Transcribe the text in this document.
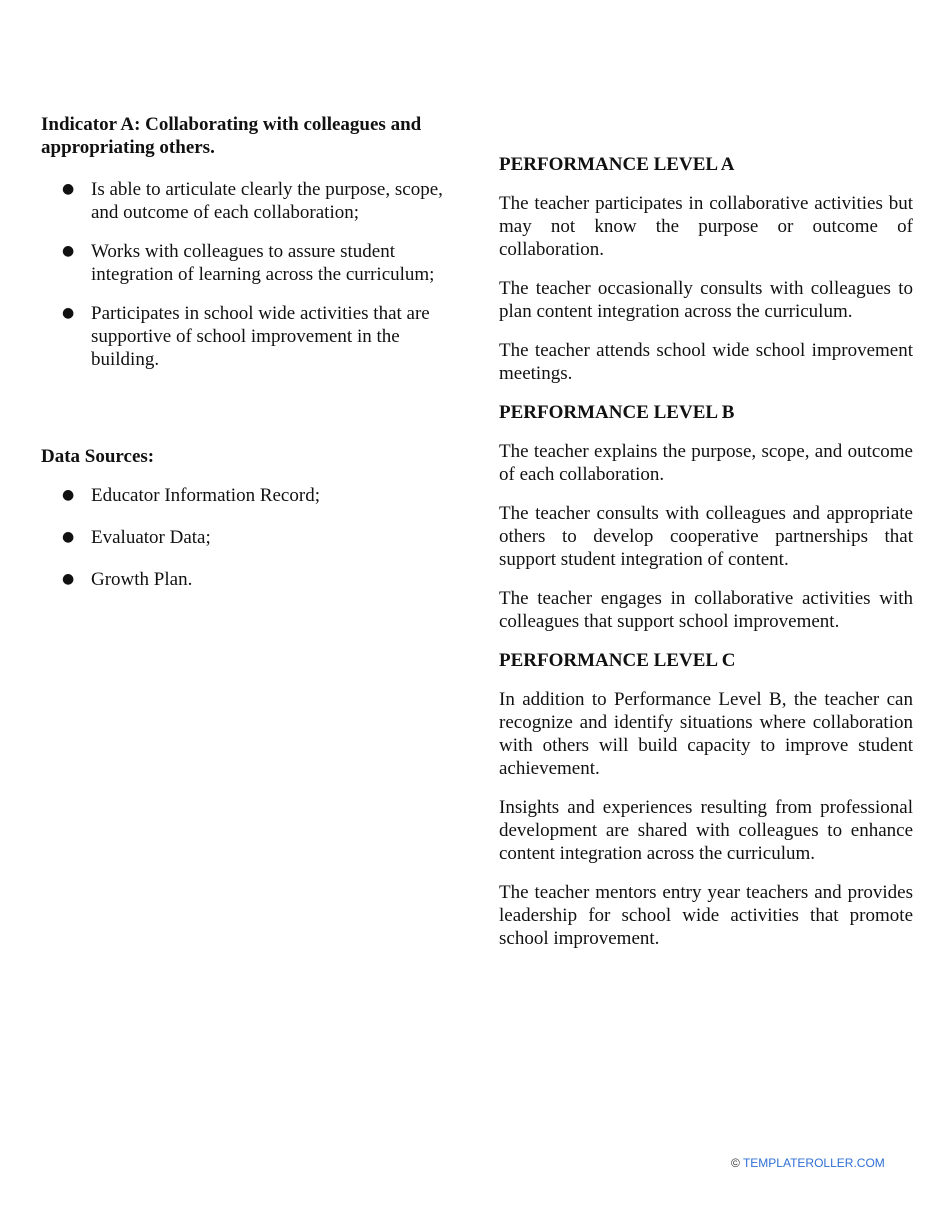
Indicator A: Collaborating with colleagues and appropriating others.

● Is able to articulate clearly the purpose, scope, and outcome of each collaboration;
● Works with colleagues to assure student integration of learning across the curriculum;
● Participates in school wide activities that are supportive of school improvement in the building.

Data Sources:

● Educator Information Record;
● Evaluator Data;
● Growth Plan.

PERFORMANCE LEVEL A

The teacher participates in collaborative activities but may not know the purpose or outcome of collaboration.

The teacher occasionally consults with colleagues to plan content integration across the curriculum.

The teacher attends school wide school improvement meetings.

PERFORMANCE LEVEL B

The teacher explains the purpose, scope, and outcome of each collaboration.

The teacher consults with colleagues and appropriate others to develop cooperative partnerships that support student integration of content.

The teacher engages in collaborative activities with colleagues that support school improvement.

PERFORMANCE LEVEL C

In addition to Performance Level B, the teacher can recognize and identify situations where collaboration with others will build capacity to improve student achievement.

Insights and experiences resulting from professional development are shared with colleagues to enhance content integration across the curriculum.

The teacher mentors entry year teachers and provides leadership for school wide activities that promote school improvement.

© TEMPLATEROLLER.COM
